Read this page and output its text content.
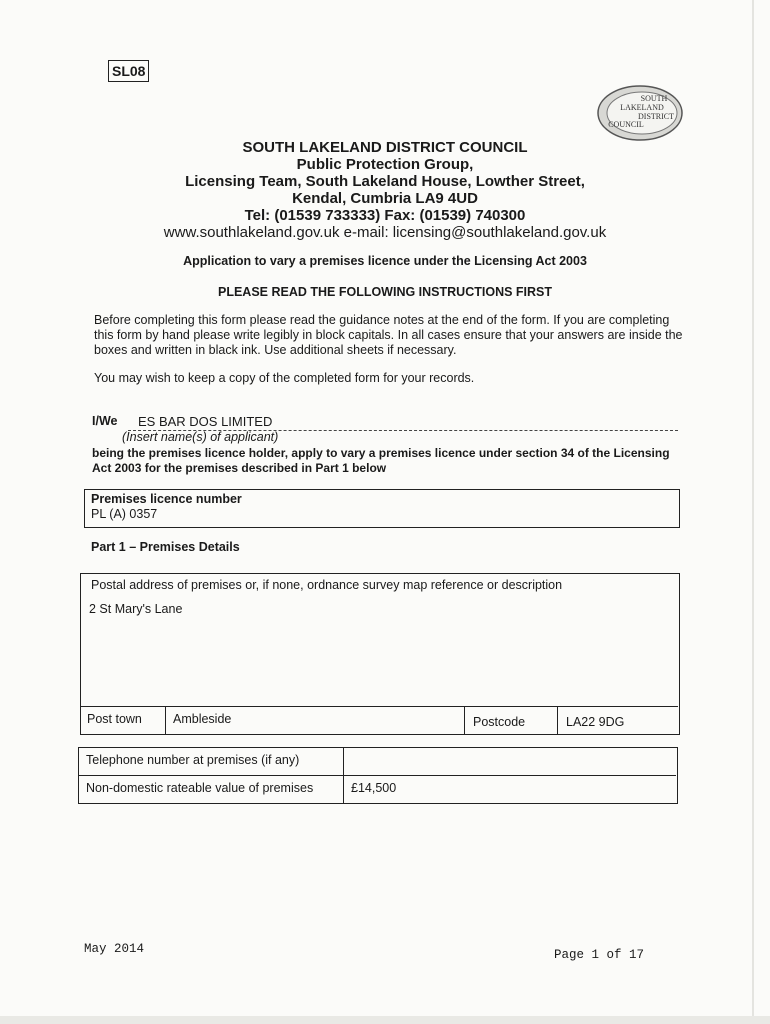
SL08
SOUTH
LAKELAND
DISTRICT
COUNCIL
SOUTH LAKELAND DISTRICT COUNCIL
Public Protection Group,
Licensing Team, South Lakeland House, Lowther Street,
Kendal, Cumbria LA9 4UD
Tel: (01539 733333) Fax: (01539) 740300
www.southlakeland.gov.uk e-mail: licensing@southlakeland.gov.uk
Application to vary a premises licence under the Licensing Act 2003
PLEASE READ THE FOLLOWING INSTRUCTIONS FIRST
Before completing this form please read the guidance notes at the end of the form. If you are completing this form by hand please write legibly in block capitals. In all cases ensure that your answers are inside the boxes and written in black ink. Use additional sheets if necessary.
You may wish to keep a copy of the completed form for your records.
I/We ES BAR DOS LIMITED
(Insert name(s) of applicant)
being the premises licence holder, apply to vary a premises licence under section 34 of the Licensing Act 2003 for the premises described in Part 1 below
Premises licence number
PL (A) 0357
Part 1 – Premises Details
Postal address of premises or, if none, ordnance survey map reference or description
2 St Mary's Lane
Post town Ambleside	Postcode	LA22 9DG
Telephone number at premises (if any)
Non-domestic rateable value of premises	£14,500
May 2014	Page 1 of 17
